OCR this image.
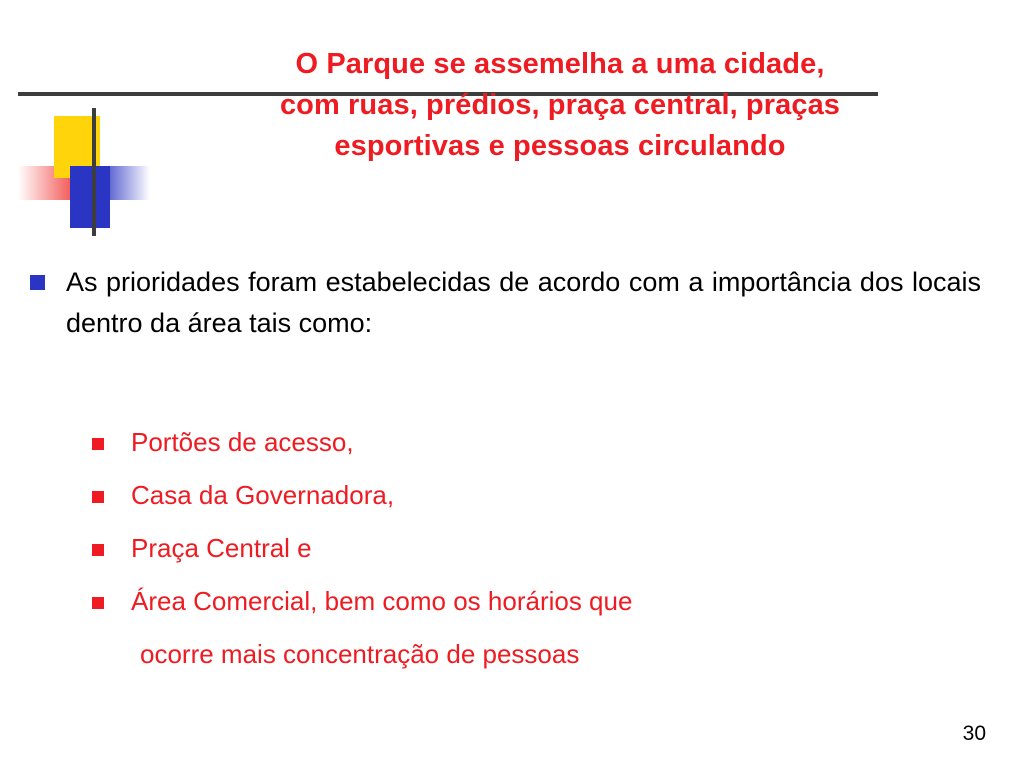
O Parque se assemelha a uma cidade,
com ruas, prédios, praça central, praças
esportivas e pessoas circulando
As prioridades foram estabelecidas de acordo com a importância dos locais dentro da área tais como:
Portões de acesso,
Casa da Governadora,
Praça Central e
Área Comercial, bem como os horários que
ocorre mais concentração de pessoas
30
